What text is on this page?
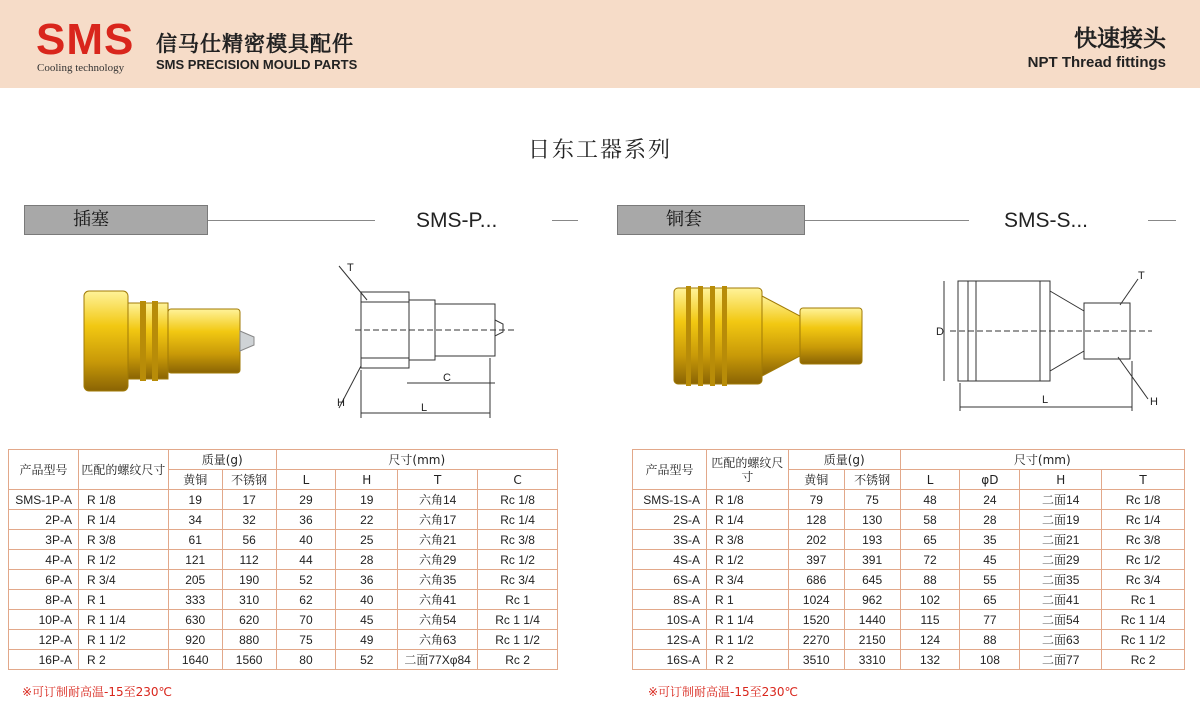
SMS
Cooling technology
信马仕精密模具配件
SMS PRECISION MOULD PARTS
快速接头
NPT Thread fittings
日东工器系列
插塞	SMS-P...
T
C
H	L
产品型号	匹配的螺纹尺寸	质量(g)		尺寸(mm)			
		黄铜	不锈钢	L	H	T	C
SMS-1P-A	R 1/8	19	17	29	19	六角14	Rc 1/8
2P-A	R 1/4	34	32	36	22	六角17	Rc 1/4
3P-A	R 3/8	61	56	40	25	六角21	Rc 3/8
4P-A	R 1/2	121	112	44	28	六角29	Rc 1/2
6P-A	R 3/4	205	190	52	36	六角35	Rc 3/4
8P-A	R 1	333	310	62	40	六角41	Rc 1
10P-A	R 1 1/4	630	620	70	45	六角54	Rc 1 1/4
12P-A	R 1 1/2	920	880	75	49	六角63	Rc 1 1/2
16P-A	R 2	1640	1560	80	52	二面77Xφ84	Rc 2
※可订制耐高温-15至230℃
铜套	SMS-S...
D
T
H
L
产品型号	匹配的螺纹尺寸	质量(g)		尺寸(mm)			
		黄铜	不锈钢	L	φD	H	T
SMS-1S-A	R 1/8	79	75	48	24	二面14	Rc 1/8
2S-A	R 1/4	128	130	58	28	二面19	Rc 1/4
3S-A	R 3/8	202	193	65	35	二面21	Rc 3/8
4S-A	R 1/2	397	391	72	45	二面29	Rc 1/2
6S-A	R 3/4	686	645	88	55	二面35	Rc 3/4
8S-A	R 1	1024	962	102	65	二面41	Rc 1
10S-A	R 1 1/4	1520	1440	115	77	二面54	Rc 1 1/4
12S-A	R 1 1/2	2270	2150	124	88	二面63	Rc 1 1/2
16S-A	R 2	3510	3310	132	108	二面77	Rc 2
※可订制耐高温-15至230℃
